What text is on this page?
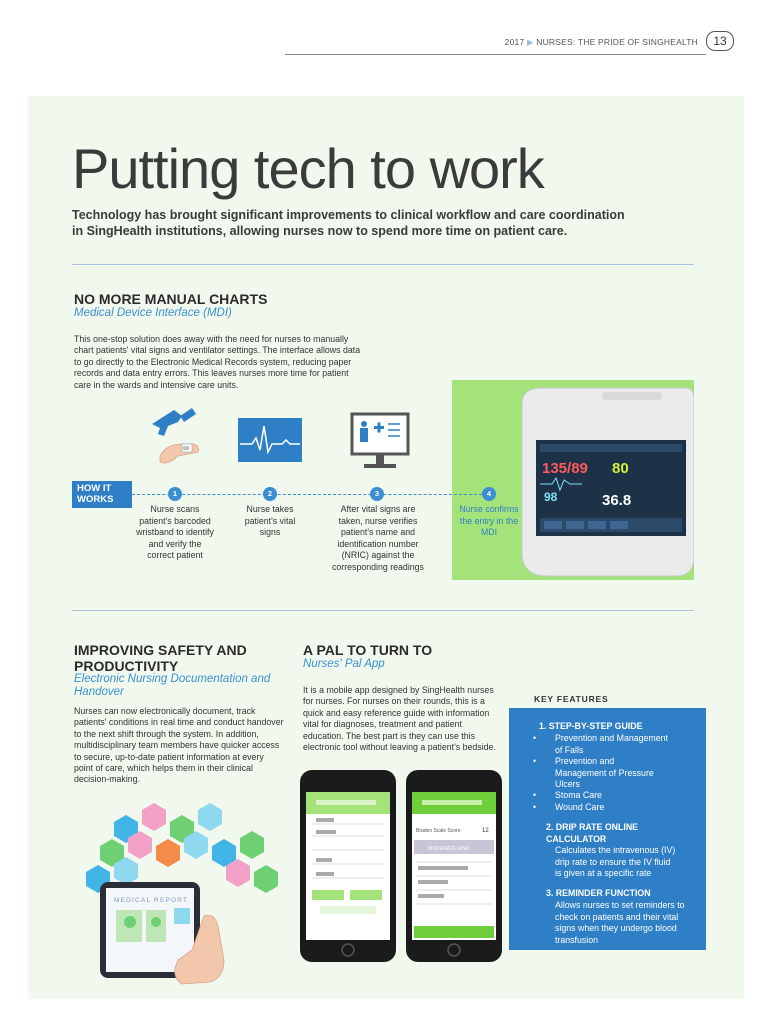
2017 ▶ NURSES: THE PRIDE OF SINGHEALTH	13
Putting tech to work
Technology has brought significant improvements to clinical workflow and care coordination in SingHealth institutions, allowing nurses now to spend more time on patient care.
NO MORE MANUAL CHARTS
Medical Device Interface (MDI)
This one-stop solution does away with the need for nurses to manually chart patients' vital signs and ventilator settings. The interface allows data to go directly to the Electronic Medical Records system, reducing paper records and data entry errors. This leaves nurses more time for patient care in the wards and intensive care units.
135/89 80
98	36.8
HOW IT WORKS	1	2	3	4
Nurse scans patient's barcoded wristband to identify and verify the correct patient
Nurse takes patient's vital signs
After vital signs are taken, nurse verifies patient's name and identification number (NRIC) against the corresponding readings
Nurse confirms the entry in the MDI
IMPROVING SAFETY AND PRODUCTIVITY
Electronic Nursing Documentation and Handover
Nurses can now electronically document, track patients' conditions in real time and conduct handover to the next shift through the system. In addition, multidisciplinary team members have quicker access to secure, up-to-date patient information at every point of care, which helps them in their clinical decision-making.
MEDICAL REPORT
A PAL TO TURN TO
Nurses' Pal App
It is a mobile app designed by SingHealth nurses for nurses. For nurses on their rounds, this is a quick and easy reference guide with information vital for diagnoses, treatment and patient education. The best part is they can use this electronic tool without leaving a patient's bedside.
Braden Scale Score	12
MODERATE RISK
KEY FEATURES
1. STEP-BY-STEP GUIDE
• Prevention and Management of Falls
• Prevention and Management of Pressure Ulcers
• Stoma Care
• Wound Care
2. DRIP RATE ONLINE CALCULATOR
Calculates the intravenous (IV) drip rate to ensure the IV fluid is given at a specific rate
3. REMINDER FUNCTION
Allows nurses to set reminders to check on patients and their vital signs when they undergo blood transfusion
